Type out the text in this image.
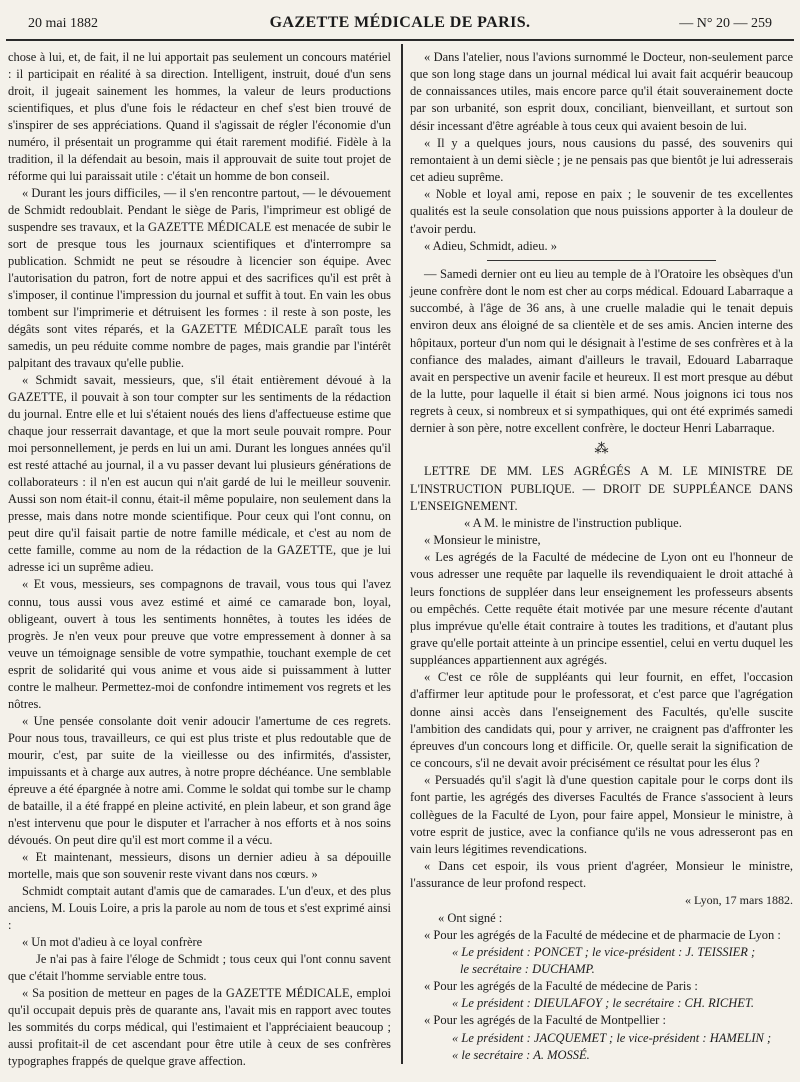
20 mai 1882	GAZETTE MÉDICALE DE PARIS.	— N° 20 — 259

chose à lui, et, de fait, il ne lui apportait pas seulement un concours matériel : il participait en réalité à sa direction. Intelligent, instruit, doué d'un sens droit, il jugeait sainement les hommes, la valeur de leurs productions scientifiques, et plus d'une fois le rédacteur en chef s'est bien trouvé de s'inspirer de ses appréciations. Quand il s'agissait de régler l'économie d'un numéro, il présentait un programme qui était rarement modifié. Fidèle à la tradition, il la défendait au besoin, mais il approuvait de suite tout projet de réforme qui lui paraissait utile : c'était un homme de bon conseil.

« Durant les jours difficiles, — il s'en rencontre partout, — le dévouement de Schmidt redoublait. Pendant le siège de Paris, l'imprimeur est obligé de suspendre ses travaux, et la GAZETTE MÉDICALE est menacée de subir le sort de presque tous les journaux scientifiques et d'interrompre sa publication. Schmidt ne peut se résoudre à licencier son équipe. Avec l'autorisation du patron, fort de notre appui et des sacrifices qu'il est prêt à s'imposer, il continue l'impression du journal et suffit à tout. En vain les obus tombent sur l'imprimerie et détruisent les formes : il reste à son poste, les dégâts sont vites réparés, et la GAZETTE MÉDICALE paraît tous les samedis, un peu réduite comme nombre de pages, mais grandie par l'intérêt palpitant des travaux qu'elle publie.

« Schmidt savait, messieurs, que, s'il était entièrement dévoué à la GAZETTE, il pouvait à son tour compter sur les sentiments de la rédaction du journal. Entre elle et lui s'étaient noués des liens d'affectueuse estime que chaque jour resserrait davantage, et que la mort seule pouvait rompre. Pour moi personnellement, je perds en lui un ami. Durant les longues années qu'il est resté attaché au journal, il a vu passer devant lui plusieurs générations de collaborateurs : il n'en est aucun qui n'ait gardé de lui le meilleur souvenir. Aussi son nom était-il connu, était-il même populaire, non seulement dans la presse, mais dans notre monde scientifique. Pour ceux qui l'ont connu, on peut dire qu'il faisait partie de notre famille médicale, et c'est au nom de cette famille, comme au nom de la rédaction de la GAZETTE, que je lui adresse ici un suprême adieu.

« Et vous, messieurs, ses compagnons de travail, vous tous qui l'avez connu, tous aussi vous avez estimé et aimé ce camarade bon, loyal, obligeant, ouvert à tous les sentiments honnêtes, à toutes les idées de progrès. Je n'en veux pour preuve que votre empressement à donner à sa veuve un témoignage sensible de votre sympathie, touchant exemple de cet esprit de solidarité qui vous anime et vous aide si puissamment à lutter contre le malheur. Permettez-moi de confondre intimement vos regrets et les nôtres.

« Une pensée consolante doit venir adoucir l'amertume de ces regrets. Pour nous tous, travailleurs, ce qui est plus triste et plus redoutable que de mourir, c'est, par suite de la vieillesse ou des infirmités, d'assister, impuissants et à charge aux autres, à notre propre déchéance. Une semblable épreuve a été épargnée à notre ami. Comme le soldat qui tombe sur le champ de bataille, il a été frappé en pleine activité, en plein labeur, et son grand âge n'est intervenu que pour le disputer et l'arracher à nos efforts et à nos soins dévoués. On peut dire qu'il est mort comme il a vécu.

« Et maintenant, messieurs, disons un dernier adieu à sa dépouille mortelle, mais que son souvenir reste vivant dans nos cœurs. »

Schmidt comptait autant d'amis que de camarades. L'un d'eux, et des plus anciens, M. Louis Loire, a pris la parole au nom de tous et s'est exprimé ainsi :

« Un mot d'adieu à ce loyal confrère

Je n'ai pas à faire l'éloge de Schmidt ; tous ceux qui l'ont connu savent que c'était l'homme serviable entre tous.

« Sa position de metteur en pages de la GAZETTE MÉDICALE, emploi qu'il occupait depuis près de quarante ans, l'avait mis en rapport avec toutes les sommités du corps médical, qui l'estimaient et l'appréciaient beaucoup ; aussi profitait-il de cet ascendant pour être utile à ceux de ses confrères typographes frappés de quelque grave affection.

« Dans l'atelier, nous l'avions surnommé le Docteur, non-seulement parce que son long stage dans un journal médical lui avait fait acquérir beaucoup de connaissances utiles, mais encore parce qu'il était souverainement docte par son urbanité, son esprit doux, conciliant, bienveillant, et surtout son désir incessant d'être agréable à tous ceux qui avaient besoin de lui.

« Il y a quelques jours, nous causions du passé, des souvenirs qui remontaient à un demi siècle ; je ne pensais pas que bientôt je lui adresserais cet adieu suprême.

« Noble et loyal ami, repose en paix ; le souvenir de tes excellentes qualités est la seule consolation que nous puissions apporter à la douleur de t'avoir perdu.

« Adieu, Schmidt, adieu. »

— Samedi dernier ont eu lieu au temple de à l'Oratoire les obsèques d'un jeune confrère dont le nom est cher au corps médical. Edouard Labarraque a succombé, à l'âge de 36 ans, à une cruelle maladie qui le tenait depuis environ deux ans éloigné de sa clientèle et de ses amis. Ancien interne des hôpitaux, porteur d'un nom qui le désignait à l'estime de ses confrères et à la confiance des malades, aimant d'ailleurs le travail, Edouard Labarraque avait en perspective un avenir facile et heureux. Il est mort presque au début de la lutte, pour laquelle il était si bien armé. Nous joignons ici tous nos regrets à ceux, si nombreux et si sympathiques, qui ont été exprimés samedi dernier à son père, notre excellent confrère, le docteur Henri Labarraque.

⁂

LETTRE DE MM. LES AGRÉGÉS A M. LE MINISTRE DE L'INSTRUCTION PUBLIQUE. — DROIT DE SUPPLÉANCE DANS L'ENSEIGNEMENT.

« A M. le ministre de l'instruction publique.

« Monsieur le ministre,

« Les agrégés de la Faculté de médecine de Lyon ont eu l'honneur de vous adresser une requête par laquelle ils revendiquaient le droit attaché à leurs fonctions de suppléer dans leur enseignement les professeurs absents ou empêchés. Cette requête était motivée par une mesure récente d'autant plus imprévue qu'elle était contraire à toutes les traditions, et d'autant plus grave qu'elle portait atteinte à un principe essentiel, celui en vertu duquel les suppléances appartiennent aux agrégés.

« C'est ce rôle de suppléants qui leur fournit, en effet, l'occasion d'affirmer leur aptitude pour le professorat, et c'est parce que l'agrégation donne ainsi accès dans l'enseignement des Facultés, qu'elle suscite l'ambition des candidats qui, pour y arriver, ne craignent pas d'affronter les épreuves d'un concours long et difficile. Or, quelle serait la signification de ce concours, s'il ne devait avoir précisément ce résultat pour les élus ?

« Persuadés qu'il s'agit là d'une question capitale pour le corps dont ils font partie, les agrégés des diverses Facultés de France s'associent à leurs collègues de la Faculté de Lyon, pour faire appel, Monsieur le ministre, à votre esprit de justice, avec la confiance qu'ils ne vous adresseront pas en vain leurs légitimes revendications.

« Dans cet espoir, ils vous prient d'agréer, Monsieur le ministre, l'assurance de leur profond respect.

« Lyon, 17 mars 1882.

« Ont signé :

« Pour les agrégés de la Faculté de médecine et de pharmacie de Lyon :

« Le président : PONCET ; le vice-président : J. TEISSIER ;

le secrétaire : DUCHAMP.

« Pour les agrégés de la Faculté de médecine de Paris :

« Le président : DIEULAFOY ; le secrétaire : CH. RICHET.

« Pour les agrégés de la Faculté de Montpellier :

« Le président : JACQUEMET ; le vice-président : HAMELIN ;

« le secrétaire : A. MOSSÉ.
